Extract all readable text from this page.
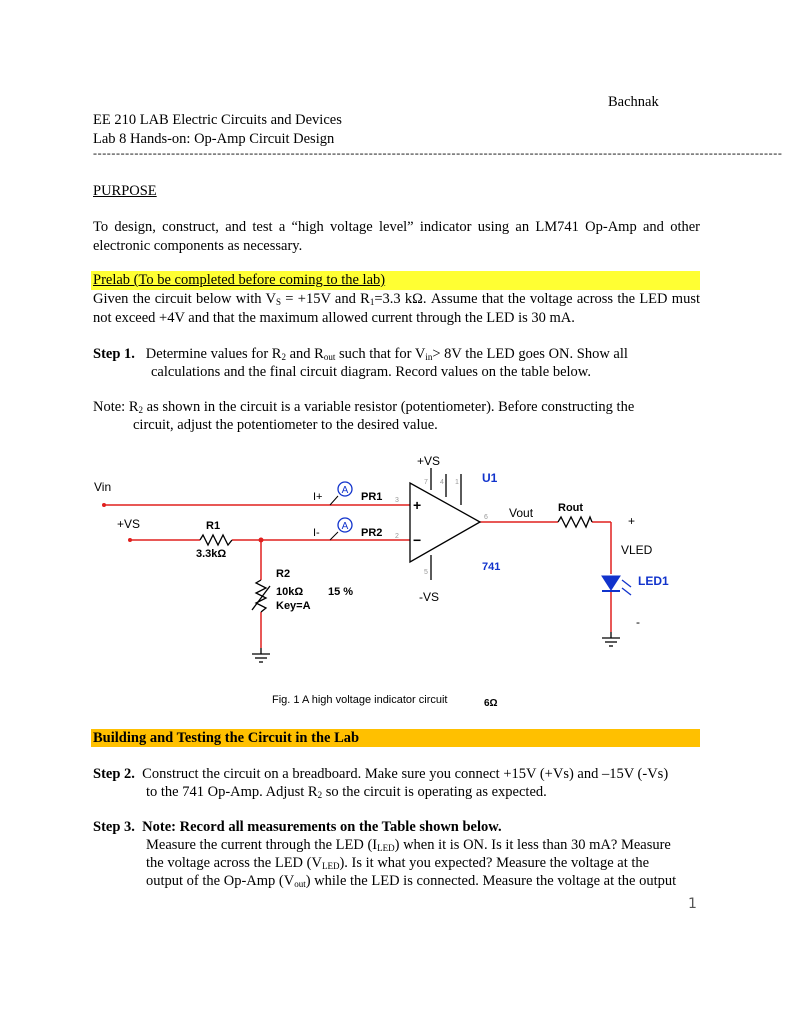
Bachnak
EE 210 LAB Electric Circuits and Devices
Lab 8 Hands-on: Op-Amp Circuit Design
------------------------------------------------------------------------------------------------------------------------------------------------------
PURPOSE
To design, construct, and test a “high voltage level” indicator using an LM741 Op-Amp and other electronic components as necessary.
Prelab (To be completed before coming to the lab)
Given the circuit below with $V_S = +15V$ and $R_1=3.3$ kΩ. Assume that the voltage across the LED must not exceed +4V and that the maximum allowed current through the LED is 30 mA.
Step 1. Determine values for $R_2$ and $R_{out}$ such that for $V_{in}> 8V$ the LED goes ON. Show all
calculations and the final circuit diagram. Record values on the table below.
Note: $R_2$ as shown in the circuit is a variable resistor (potentiometer). Before constructing the
circuit, adjust the potentiometer to the desired value.
A
A
+VS
U1
Vin
I+	PR1 3
7 4 1
6
2
5
+
−
Vout Rout
+
+VS	R1
3.3kΩ
I-	PR2
VLED
741
LED1
R2
10kΩ 15 %
Key=A
-VS
-
Fig. 1 A high voltage indicator circuit	6Ω
Building and Testing the Circuit in the Lab
Step 2. Construct the circuit on a breadboard. Make sure you connect +15V (+Vs) and –15V (-Vs)
to the 741 Op-Amp. Adjust $R_2$ so the circuit is operating as expected.
Step 3. Note: Record all measurements on the Table shown below.
Measure the current through the LED $(I_{LED})$ when it is ON. Is it less than 30 mA? Measure
the voltage across the LED $(V_{LED})$. Is it what you expected? Measure the voltage at the
output of the Op-Amp $(V_{out})$ while the LED is connected. Measure the voltage at the output
1
